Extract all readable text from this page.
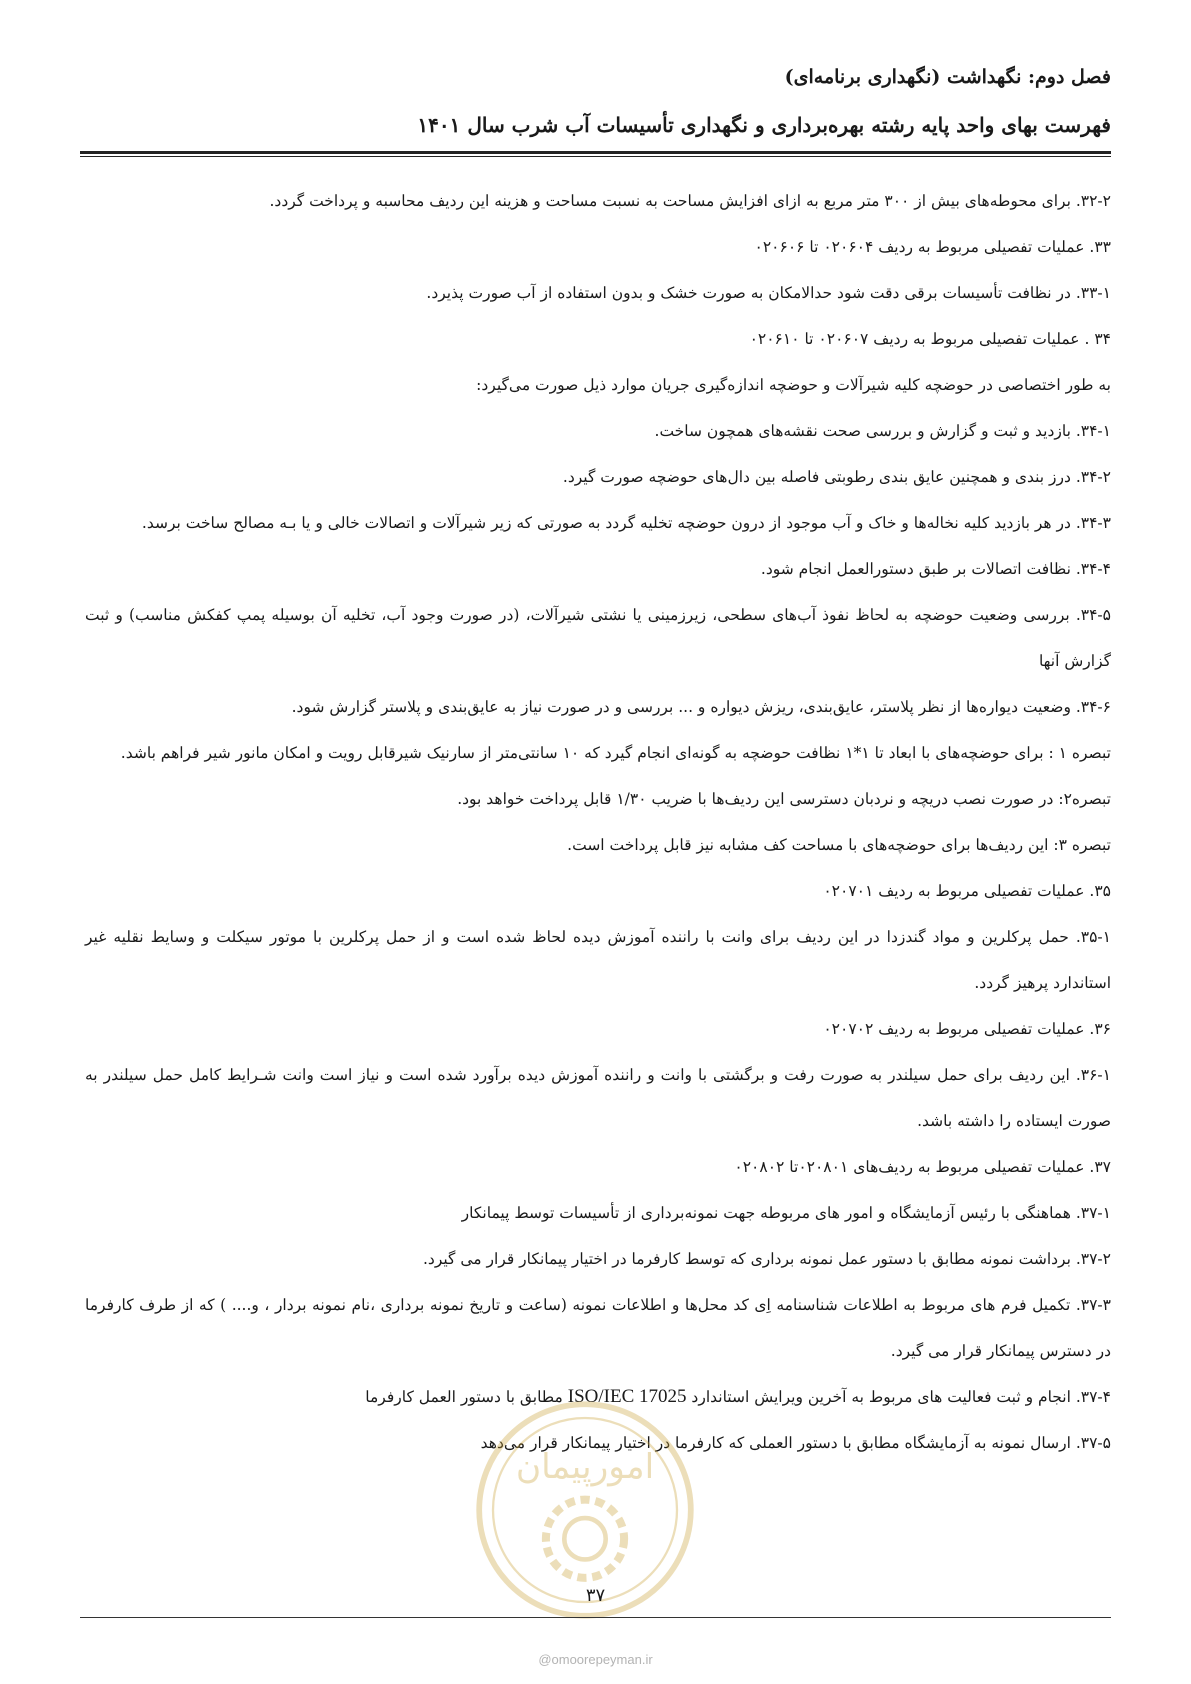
فصل دوم: نگهداشت (نگهداری برنامه‌ای)
فهرست بهای واحد پایه رشته بهره‌برداری و نگهداری تأسیسات آب شرب سال ۱۴۰۱

۳۲-۲. برای محوطه‌های بیش از ۳۰۰ متر مربع به ازای افزایش مساحت به نسبت مساحت و هزینه این ردیف محاسبه و پرداخت گردد.

۳۳. عملیات تفصیلی مربوط به ردیف ۰۲۰۶۰۴ تا ۰۲۰۶۰۶

۳۳-۱. در نظافت تأسیسات برقی دقت شود حدالامکان به صورت خشک و بدون استفاده از آب صورت پذیرد.

۳۴ . عملیات تفصیلی مربوط به ردیف ۰۲۰۶۰۷ تا ۰۲۰۶۱۰

به طور اختصاصی در حوضچه کلیه شیرآلات و حوضچه اندازه‌گیری جریان موارد ذیل صورت می‌گیرد:

۳۴-۱. بازدید و ثبت و گزارش و بررسی صحت نقشه‌های همچون ساخت.

۳۴-۲. درز بندی و همچنین عایق بندی رطوبتی فاصله بین دال‌های حوضچه صورت گیرد.

۳۴-۳. در هر بازدید کلیه نخاله‌ها و خاک و آب موجود از درون حوضچه تخلیه گردد به صورتی که زیر شیرآلات و اتصالات خالی و یا بـه مصالح ساخت برسد.

۳۴-۴. نظافت اتصالات بر طبق دستورالعمل انجام شود.

۳۴-۵. بررسی وضعیت حوضچه به لحاظ نفوذ آب‌های سطحی، زیرزمینی یا نشتی شیرآلات، (در صورت وجود آب، تخلیه آن بوسیله پمپ کفکش مناسب) و ثبت گزارش آنها

۳۴-۶. وضعیت دیواره‌ها از نظر پلاستر، عایق‌بندی، ریزش دیواره و ... بررسی و در صورت نیاز به عایق‌بندی و پلاستر گزارش شود.

تبصره ۱ : برای حوضچه‌های با ابعاد تا ۱*۱ نظافت حوضچه به گونه‌ای انجام گیرد که ۱۰ سانتی‌متر از سارنیک شیرقابل رویت و امکان مانور شیر فراهم باشد.

تبصره۲: در صورت نصب دریچه و نردبان دسترسی این ردیف‌ها با ضریب ۱/۳۰ قابل پرداخت خواهد بود.

تبصره ۳: این ردیف‌ها برای حوضچه‌های با مساحت کف مشابه نیز قابل پرداخت است.

۳۵. عملیات تفصیلی مربوط به ردیف ۰۲۰۷۰۱

۳۵-۱. حمل پرکلرین و مواد گندزدا در این ردیف برای وانت با راننده آموزش دیده لحاظ شده است و از حمل پرکلرین با موتور سیکلت و وسایط نقلیه غیر استاندارد پرهیز گردد.

۳۶. عملیات تفصیلی مربوط به ردیف ۰۲۰۷۰۲

۳۶-۱. این ردیف برای حمل سیلندر به صورت رفت و برگشتی با وانت و راننده آموزش دیده برآورد شده است و نیاز است وانت شـرایط کامل حمل سیلندر به صورت ایستاده را داشته باشد.

۳۷. عملیات تفصیلی مربوط به ردیف‌های ۰۲۰۸۰۱تا ۰۲۰۸۰۲

۳۷-۱. هماهنگی با رئیس آزمایشگاه و امور های مربوطه جهت نمونه‌برداری از تأسیسات توسط پیمانکار

۳۷-۲. برداشت نمونه مطابق با دستور عمل نمونه برداری که توسط کارفرما در اختیار پیمانکار قرار می گیرد.

۳۷-۳. تکمیل فرم های مربوط به اطلاعات شناسنامه اِی کد محل‌ها و اطلاعات نمونه (ساعت و تاریخ نمونه برداری ،نام نمونه بردار ، و.... ) که از طرف کارفرما در دسترس پیمانکار قرار می گیرد.

۳۷-۴. انجام و ثبت فعالیت های مربوط به آخرین ویرایش استاندارد ISO/IEC 17025 مطابق با دستور العمل کارفرما

۳۷-۵. ارسال نمونه به آزمایشگاه مطابق با دستور العملی که کارفرما در اختیار پیمانکار قرار می‌دهد

امورپیمان
۳۷
@omoorepeyman.ir
